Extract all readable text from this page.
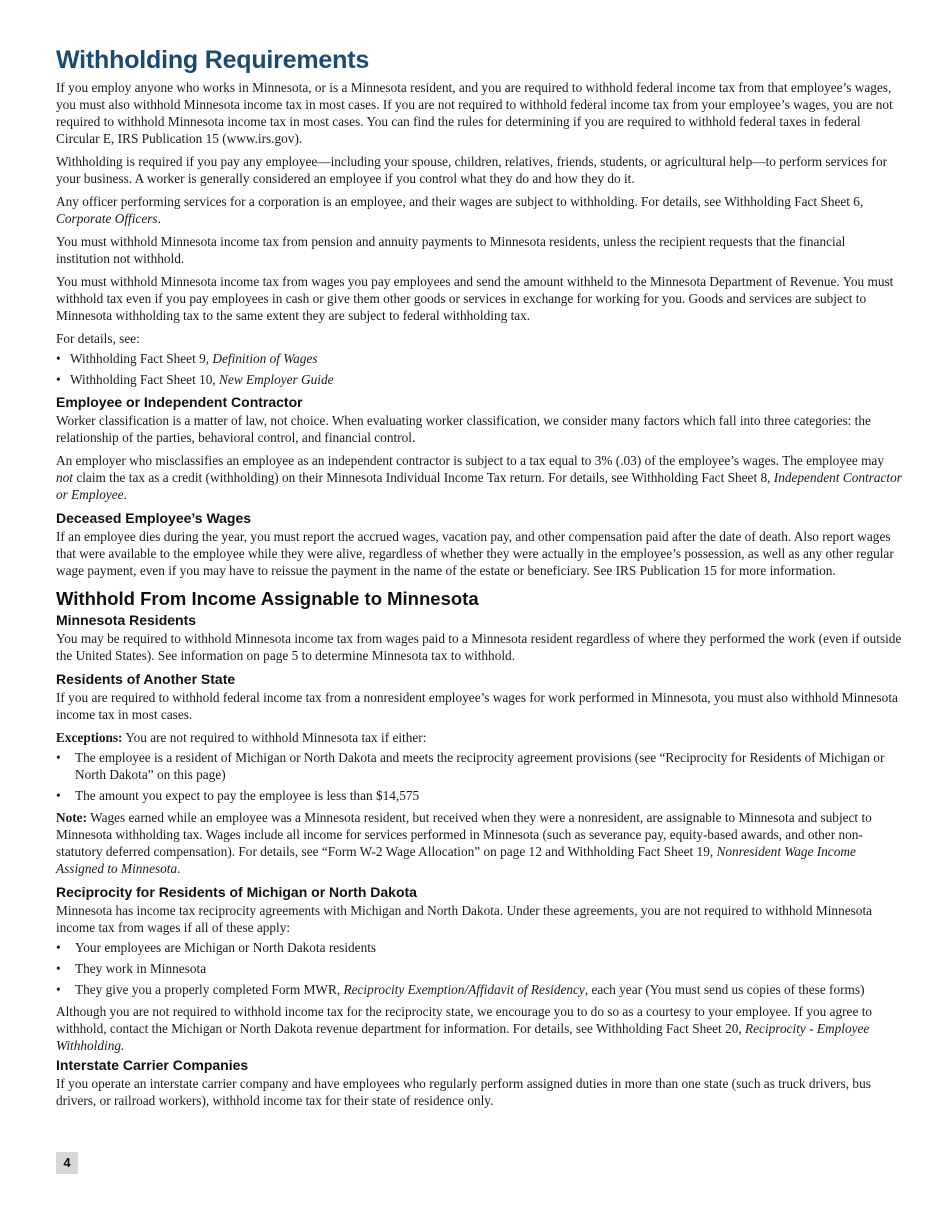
Withholding Requirements

If you employ anyone who works in Minnesota, or is a Minnesota resident, and you are required to withhold federal income tax from that employee’s wages, you must also withhold Minnesota income tax in most cases. If you are not required to withhold federal income tax from your employee’s wages, you are not required to withhold Minnesota income tax in most cases. You can find the rules for determining if you are required to withhold federal taxes in federal Circular E, IRS Publication 15 (www.irs.gov).

Withholding is required if you pay any employee—including your spouse, children, relatives, friends, students, or agricultural help—to perform services for your business. A worker is generally considered an employee if you control what they do and how they do it.

Any officer performing services for a corporation is an employee, and their wages are subject to withholding. For details, see Withholding Fact Sheet 6, Corporate Officers.

You must withhold Minnesota income tax from pension and annuity payments to Minnesota residents, unless the recipient requests that the financial institution not withhold.

You must withhold Minnesota income tax from wages you pay employees and send the amount withheld to the Minnesota Department of Revenue. You must withhold tax even if you pay employees in cash or give them other goods or services in exchange for working for you. Goods and services are subject to Minnesota withholding tax to the same extent they are subject to federal withholding tax.

For details, see:

• Withholding Fact Sheet 9, Definition of Wages
• Withholding Fact Sheet 10, New Employer Guide
Employee or Independent Contractor

Worker classification is a matter of law, not choice. When evaluating worker classification, we consider many factors which fall into three categories: the relationship of the parties, behavioral control, and financial control.

An employer who misclassifies an employee as an independent contractor is subject to a tax equal to 3% (.03) of the employee’s wages. The employee may not claim the tax as a credit (withholding) on their Minnesota Individual Income Tax return. For details, see Withholding Fact Sheet 8, Independent Contractor or Employee.

Deceased Employee’s Wages

If an employee dies during the year, you must report the accrued wages, vacation pay, and other compensation paid after the date of death. Also report wages that were available to the employee while they were alive, regardless of whether they were actually in the employee’s possession, as well as any other regular wage payment, even if you may have to reissue the payment in the name of the estate or beneficiary. See IRS Publication 15 for more information.

Withhold From Income Assignable to Minnesota
Minnesota Residents

You may be required to withhold Minnesota income tax from wages paid to a Minnesota resident regardless of where they performed the work (even if outside the United States). See information on page 5 to determine Minnesota tax to withhold.

Residents of Another State

If you are required to withhold federal income tax from a nonresident employee’s wages for work performed in Minnesota, you must also withhold Minnesota income tax in most cases.

Exceptions: You are not required to withhold Minnesota tax if either:

• The employee is a resident of Michigan or North Dakota and meets the reciprocity agreement provisions (see “Reciprocity for Residents of Michigan or North Dakota” on this page)
• The amount you expect to pay the employee is less than $14,575

Note: Wages earned while an employee was a Minnesota resident, but received when they were a nonresident, are assignable to Minnesota and subject to Minnesota withholding tax. Wages include all income for services performed in Minnesota (such as severance pay, equity-based awards, and other non-statutory deferred compensation). For details, see “Form W-2 Wage Allocation” on page 12 and Withholding Fact Sheet 19, Nonresident Wage Income Assigned to Minnesota.

Reciprocity for Residents of Michigan or North Dakota

Minnesota has income tax reciprocity agreements with Michigan and North Dakota. Under these agreements, you are not required to withhold Minnesota income tax from wages if all of these apply:

• Your employees are Michigan or North Dakota residents
• They work in Minnesota
• They give you a properly completed Form MWR, Reciprocity Exemption/Affidavit of Residency, each year (You must send us copies of these forms)

Although you are not required to withhold income tax for the reciprocity state, we encourage you to do so as a courtesy to your employee. If you agree to withhold, contact the Michigan or North Dakota revenue department for information. For details, see Withholding Fact Sheet 20, Reciprocity - Employee Withholding.

Interstate Carrier Companies

If you operate an interstate carrier company and have employees who regularly perform assigned duties in more than one state (such as truck drivers, bus drivers, or railroad workers), withhold income tax for their state of residence only.

4
